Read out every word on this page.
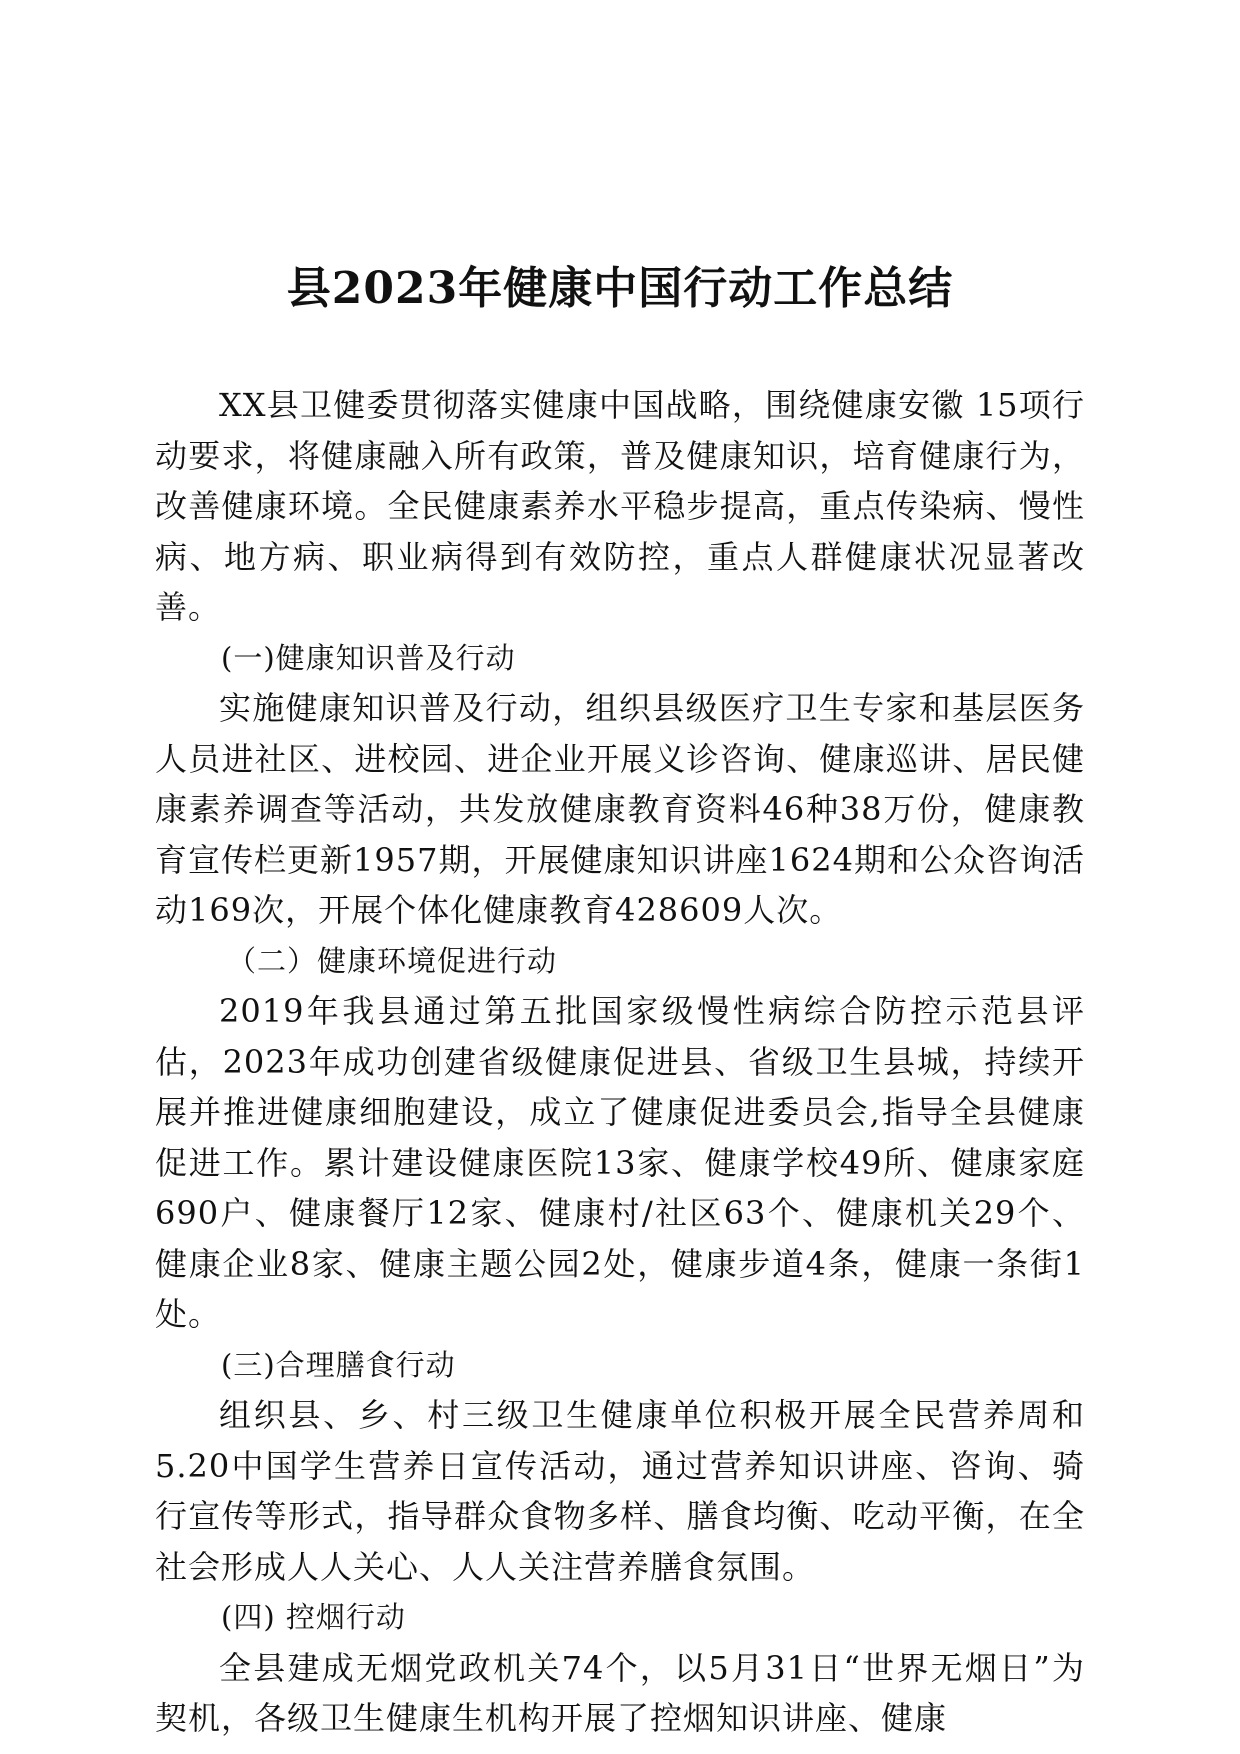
县2023年健康中国行动工作总结

XX县卫健委贯彻落实健康中国战略，围绕健康安徽 15项行动要求，将健康融入所有政策，普及健康知识，培育健康行为，改善健康环境。全民健康素养水平稳步提高，重点传染病、慢性病、地方病、职业病得到有效防控，重点人群健康状况显著改善。

(一)健康知识普及行动

实施健康知识普及行动，组织县级医疗卫生专家和基层医务人员进社区、进校园、进企业开展义诊咨询、健康巡讲、居民健康素养调查等活动，共发放健康教育资料46种38万份，健康教育宣传栏更新1957期，开展健康知识讲座1624期和公众咨询活动169次，开展个体化健康教育428609人次。

（二）健康环境促进行动

2019年我县通过第五批国家级慢性病综合防控示范县评估，2023年成功创建省级健康促进县、省级卫生县城，持续开展并推进健康细胞建设，成立了健康促进委员会,指导全县健康促进工作。累计建设健康医院13家、健康学校49所、健康家庭690户、健康餐厅12家、健康村/社区63个、健康机关29个、健康企业8家、健康主题公园2处，健康步道4条，健康一条街1处。

(三)合理膳食行动

组织县、乡、村三级卫生健康单位积极开展全民营养周和5.20中国学生营养日宣传活动，通过营养知识讲座、咨询、骑行宣传等形式，指导群众食物多样、膳食均衡、吃动平衡，在全社会形成人人关心、人人关注营养膳食氛围。

(四) 控烟行动

全县建成无烟党政机关74个，以5月31日“世界无烟日”为契机，各级卫生健康生机构开展了控烟知识讲座、健康
